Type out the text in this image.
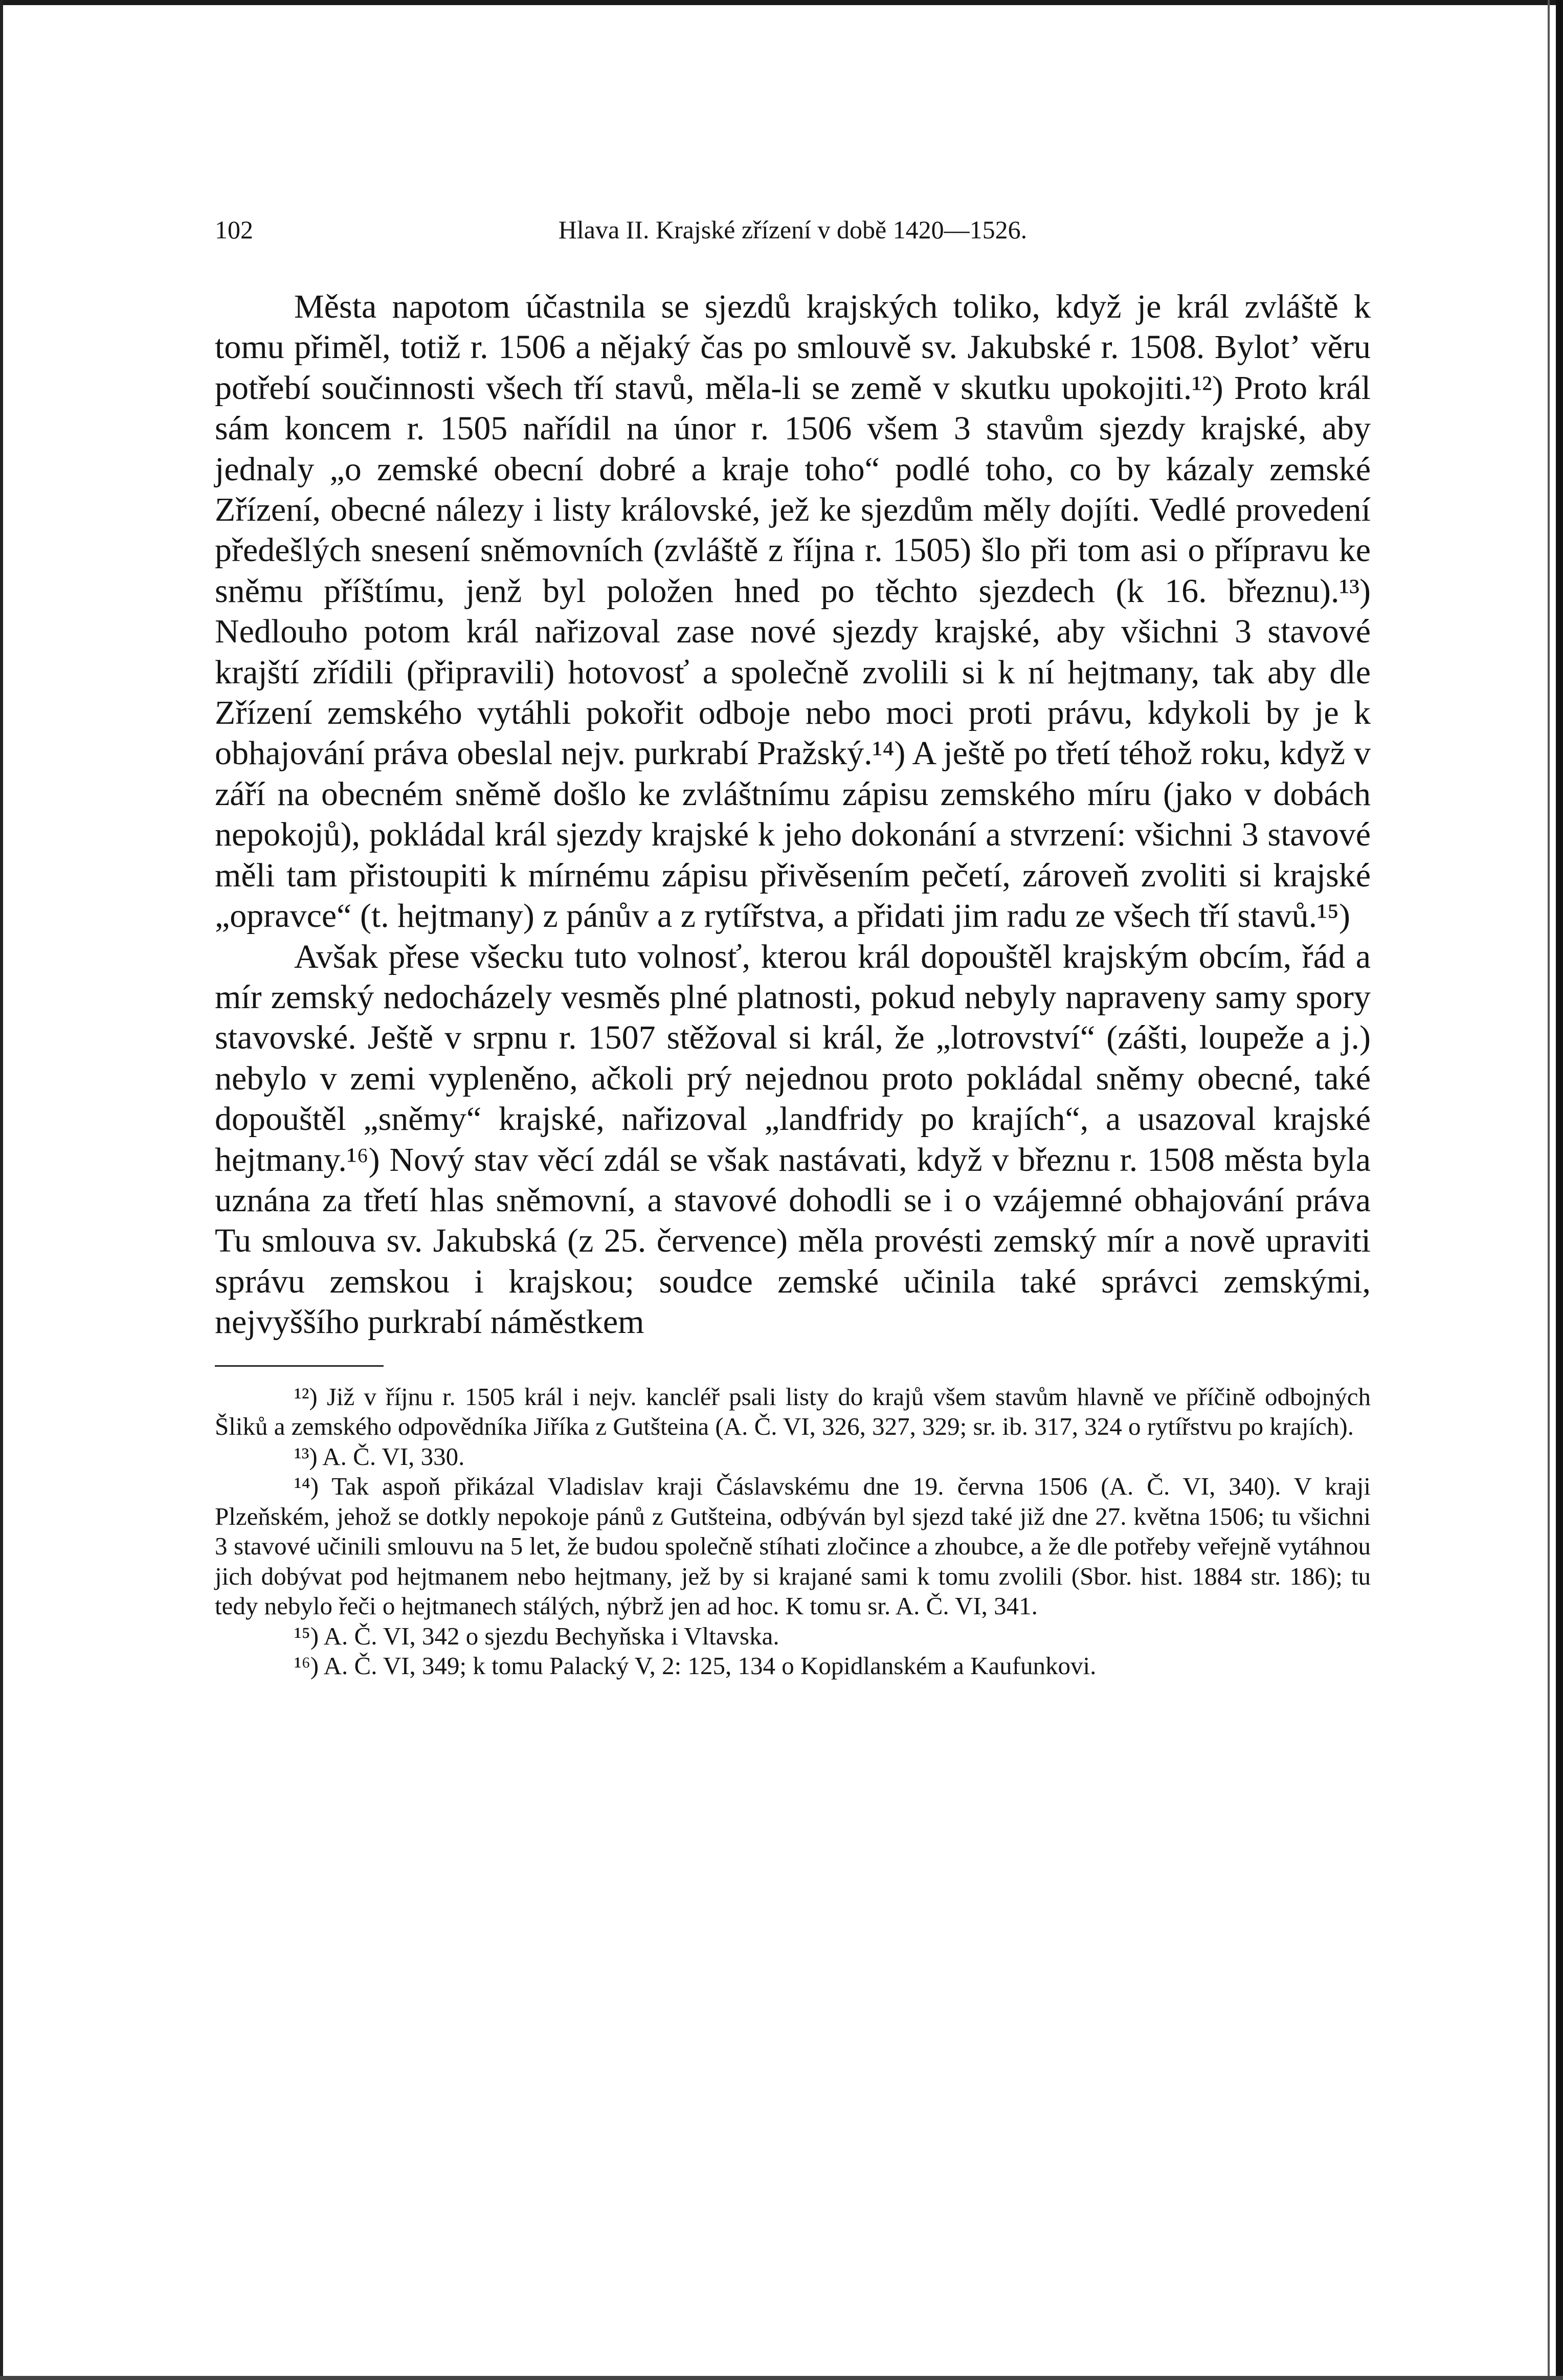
102	Hlava II. Krajské zřízení v době 1420—1526.

Města napotom účastnila se sjezdů krajských toliko, když je král zvláště k tomu přiměl, totiž r. 1506 a nějaký čas po smlouvě sv. Jakubské r. 1508. Bylotʼ věru potřebí součinnosti všech tří stavů, měla-li se země v skutku upokojiti.¹²) Proto král sám koncem r. 1505 nařídil na únor r. 1506 všem 3 stavům sjezdy krajské, aby jednaly „o zemské obecní dobré a kraje toho“ podlé toho, co by kázaly zemské Zřízení, obecné nálezy i listy královské, jež ke sjezdům měly dojíti. Vedlé provedení předešlých snesení sněmovních (zvláště z října r. 1505) šlo při tom asi o přípravu ke sněmu příštímu, jenž byl položen hned po těchto sjezdech (k 16. březnu).¹³) Nedlouho potom král nařizoval zase nové sjezdy krajské, aby všichni 3 stavové krajští zřídili (připravili) hotovosť a společně zvolili si k ní hejtmany, tak aby dle Zřízení zemského vytáhli pokořit odboje nebo moci proti právu, kdykoli by je k obhajování práva obeslal nejv. purkrabí Pražský.¹⁴) A ještě po třetí téhož roku, když v září na obecném sněmě došlo ke zvláštnímu zápisu zemského míru (jako v dobách nepokojů), pokládal král sjezdy krajské k jeho dokonání a stvrzení: všichni 3 stavové měli tam přistoupiti k mírnému zápisu přivěsením pečetí, zároveň zvoliti si krajské „opravce“ (t. hejtmany) z pánův a z rytířstva, a přidati jim radu ze všech tří stavů.¹⁵)

Avšak přese všecku tuto volnosť, kterou král dopouštěl krajským obcím, řád a mír zemský nedocházely vesměs plné platnosti, pokud nebyly napraveny samy spory stavovské. Ještě v srpnu r. 1507 stěžoval si král, že „lotrovství“ (zášti, loupeže a j.) nebylo v zemi vypleněno, ačkoli prý nejednou proto pokládal sněmy obecné, také dopouštěl „sněmy“ krajské, nařizoval „landfridy po krajích“, a usazoval krajské hejtmany.¹⁶) Nový stav věcí zdál se však nastávati, když v březnu r. 1508 města byla uznána za třetí hlas sněmovní, a stavové dohodli se i o vzájemné obhajování práva Tu smlouva sv. Jakubská (z 25. července) měla provésti zemský mír a nově upraviti správu zemskou i krajskou; soudce zemské učinila také správci zemskými, nejvyššího purkrabí náměstkem

¹²) Již v říjnu r. 1505 král i nejv. kancléř psali listy do krajů všem stavům hlavně ve příčině odbojných Šliků a zemského odpovědníka Jiříka z Gutšteina (A. Č. VI, 326, 327, 329; sr. ib. 317, 324 o rytířstvu po krajích).

¹³) A. Č. VI, 330.

¹⁴) Tak aspoň přikázal Vladislav kraji Čáslavskému dne 19. června 1506 (A. Č. VI, 340). V kraji Plzeňském, jehož se dotkly nepokoje pánů z Gutšteina, odbýván byl sjezd také již dne 27. května 1506; tu všichni 3 stavové učinili smlouvu na 5 let, že budou společně stíhati zločince a zhoubce, a že dle potřeby veřejně vytáhnou jich dobývat pod hejtmanem nebo hejtmany, jež by si krajané sami k tomu zvolili (Sbor. hist. 1884 str. 186); tu tedy nebylo řeči o hejtmanech stálých, nýbrž jen ad hoc. K tomu sr. A. Č. VI, 341.

¹⁵) A. Č. VI, 342 o sjezdu Bechyňska i Vltavska.

¹⁶) A. Č. VI, 349; k tomu Palacký V, 2: 125, 134 o Kopidlanském a Kaufunkovi.
